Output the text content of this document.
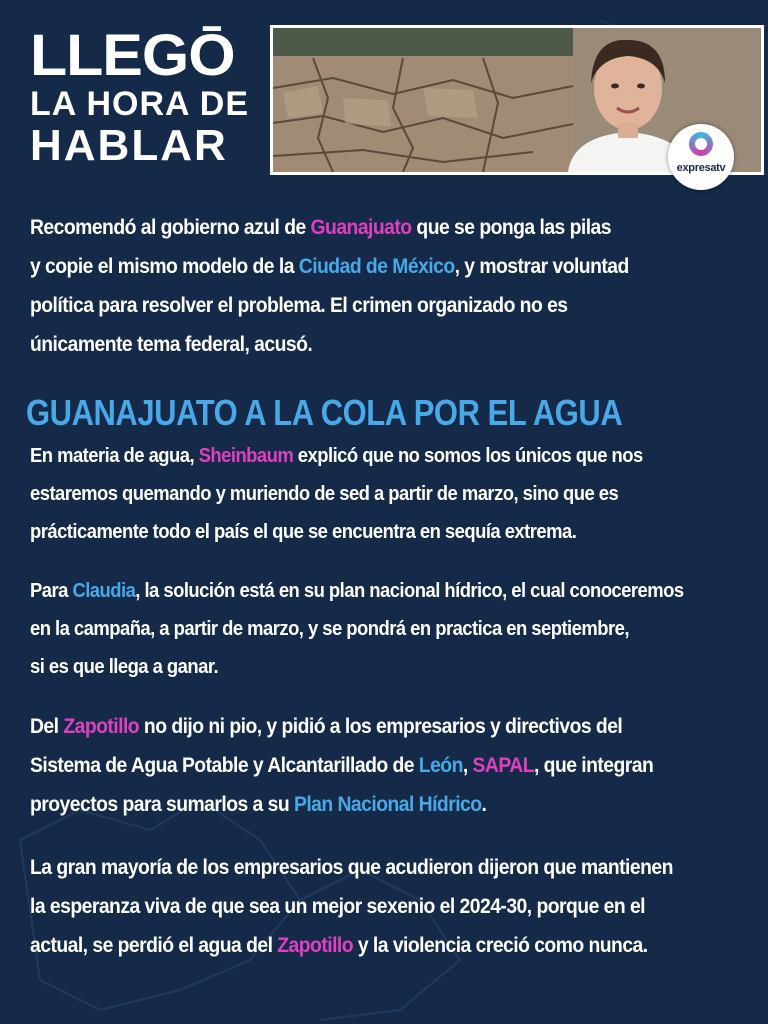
LLEGŌ
LA HORA DE
HABLAR	expresatv
Recomendó al gobierno azul de Guanajuato que se ponga las pilas
y copie el mismo modelo de la Ciudad de México, y mostrar voluntad
política para resolver el problema. El crimen organizado no es
únicamente tema federal, acusó.
GUANAJUATO A LA COLA POR EL AGUA
En materia de agua, Sheinbaum explicó que no somos los únicos que nos
estaremos quemando y muriendo de sed a partir de marzo, sino que es
prácticamente todo el país el que se encuentra en sequía extrema.
Para Claudia, la solución está en su plan nacional hídrico, el cual conoceremos
en la campaña, a partir de marzo, y se pondrá en practica en septiembre,
si es que llega a ganar.
Del Zapotillo no dijo ni pio, y pidió a los empresarios y directivos del
Sistema de Agua Potable y Alcantarillado de León, SAPAL, que integran
proyectos para sumarlos a su Plan Nacional Hídrico.
La gran mayoría de los empresarios que acudieron dijeron que mantienen
la esperanza viva de que sea un mejor sexenio el 2024-30, porque en el
actual, se perdió el agua del Zapotillo y la violencia creció como nunca.
